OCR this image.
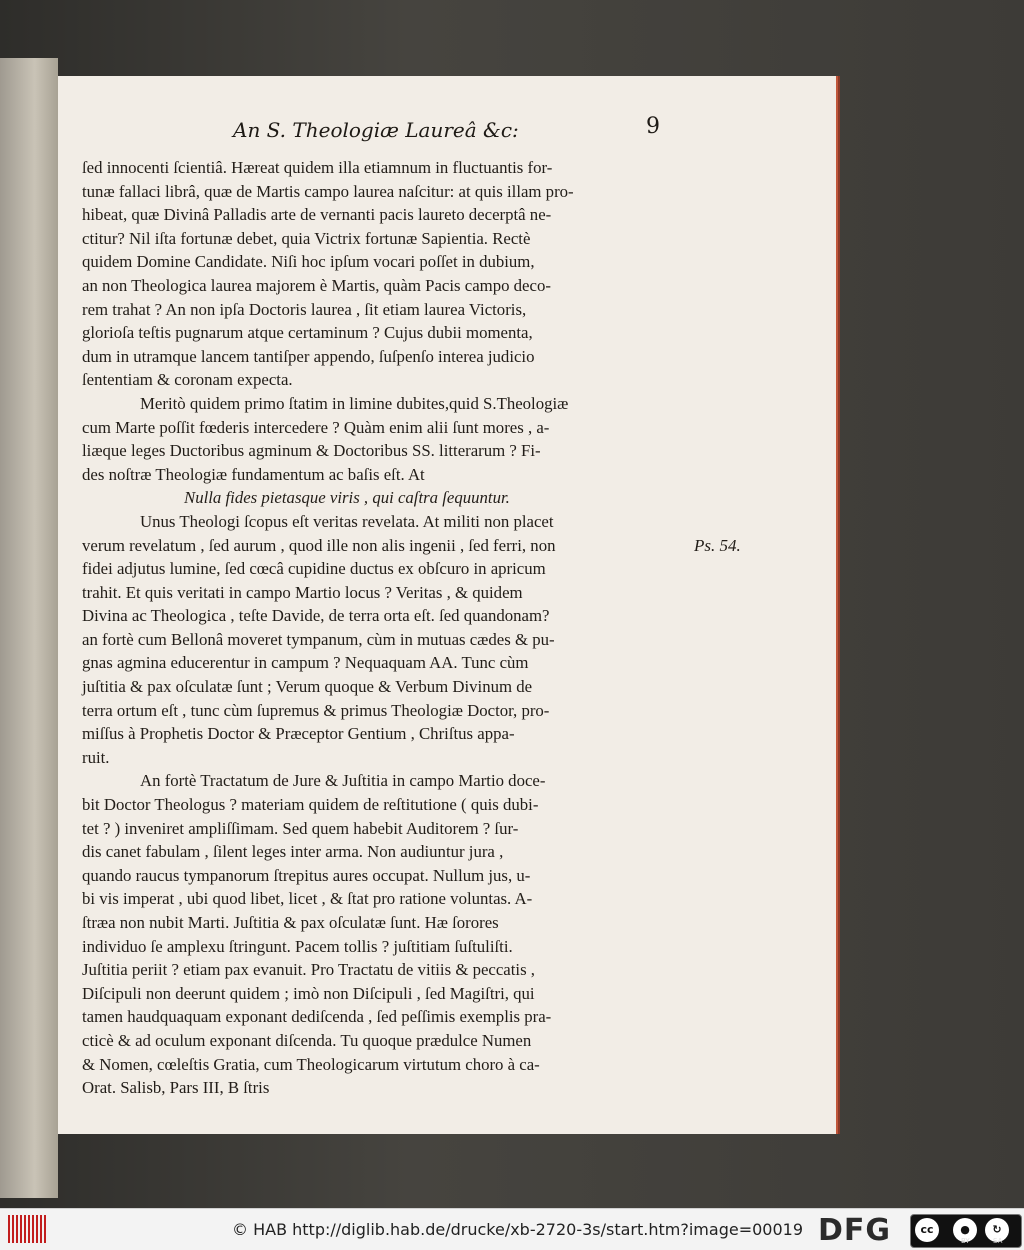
An S. Theologiæ Laureâ &c:	9
ſed innocenti ſcientiâ. Hæreat quidem illa etiamnum in fluctuantis for-
tunæ fallaci librâ, quæ de Martis campo laurea naſcitur: at quis illam pro-
hibeat, quæ Divinâ Palladis arte de vernanti pacis laureto decerptâ ne-
ctitur? Nil iſta fortunæ debet, quia Victrix fortunæ Sapientia. Rectè
quidem Domine Candidate. Niſi hoc ipſum vocari poſſet in dubium,
an non Theologica laurea majorem è Martis, quàm Pacis campo deco-
rem trahat ? An non ipſa Doctoris laurea , ſit etiam laurea Victoris,
glorioſa teſtis pugnarum atque certaminum ? Cujus dubii momenta,
dum in utramque lancem tantiſper appendo, ſuſpenſo interea judicio
ſententiam & coronam expecta.
Meritò quidem primo ſtatim in limine dubites,quid S.Theologiæ
cum Marte poſſit fœderis intercedere ? Quàm enim alii ſunt mores , a-
liæque leges Ductoribus agminum & Doctoribus SS. litterarum ? Fi-
des noſtræ Theologiæ fundamentum ac baſis eſt. At
Nulla fides pietasque viris , qui caſtra ſequuntur.
Unus Theologi ſcopus eſt veritas revelata. At militi non placet
verum revelatum , ſed aurum , quod ille non alis ingenii , ſed ferri, non
fidei adjutus lumine, ſed cœcâ cupidine ductus ex obſcuro in apricum
trahit. Et quis veritati in campo Martio locus ? Veritas , & quidem
Divina ac Theologica , teſte Davide, de terra orta eſt. ſed quandonam?
an fortè cum Bellonâ moveret tympanum, cùm in mutuas cædes & pu-
gnas agmina educerentur in campum ? Nequaquam AA. Tunc cùm
juſtitia & pax oſculatæ ſunt ; Verum quoque & Verbum Divinum de
terra ortum eſt , tunc cùm ſupremus & primus Theologiæ Doctor, pro-
miſſus à Prophetis Doctor & Præceptor Gentium , Chriſtus appa-
ruit.
An fortè Tractatum de Jure & Juſtitia in campo Martio doce-
bit Doctor Theologus ? materiam quidem de reſtitutione ( quis dubi-
tet ? ) inveniret ampliſſimam. Sed quem habebit Auditorem ? ſur-
dis canet fabulam , ſilent leges inter arma. Non audiuntur jura ,
quando raucus tympanorum ſtrepitus aures occupat. Nullum jus, u-
bi vis imperat , ubi quod libet, licet , & ſtat pro ratione voluntas. A-
ſtræa non nubit Marti. Juſtitia & pax oſculatæ ſunt. Hæ ſorores
individuo ſe amplexu ſtringunt. Pacem tollis ? juſtitiam ſuſtuliſti.
Juſtitia periit ? etiam pax evanuit. Pro Tractatu de vitiis & peccatis ,
Diſcipuli non deerunt quidem ; imò non Diſcipuli , ſed Magiſtri, qui
tamen haudquaquam exponant dediſcenda , ſed peſſimis exemplis pra-
cticè & ad oculum exponant diſcenda. Tu quoque prædulce Numen
& Nomen, cœleſtis Gratia, cum Theologicarum virtutum choro à ca-
Orat. Salisb, Pars III, B ſtris
Ps. 54.
© HAB http://diglib.hab.de/drucke/xb-2720-3s/start.htm?image=00019 DFG	cc	●	↻
BY	SA
